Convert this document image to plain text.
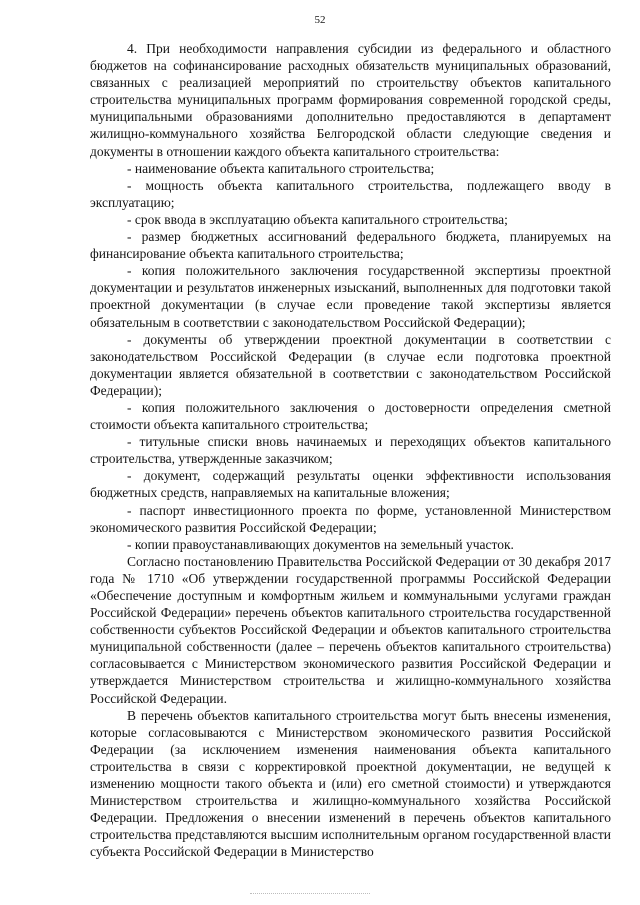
52

4. При необходимости направления субсидии из федерального и областного бюджетов на софинансирование расходных обязательств муниципальных образований, связанных с реализацией мероприятий по строительству объектов капитального строительства муниципальных программ формирования современной городской среды, муниципальными образованиями дополнительно предоставляются в департамент жилищно-коммунального хозяйства Белгородской области следующие сведения и документы в отношении каждого объекта капитального строительства:

- наименование объекта капитального строительства;

- мощность объекта капитального строительства, подлежащего вводу в эксплуатацию;

- срок ввода в эксплуатацию объекта капитального строительства;

- размер бюджетных ассигнований федерального бюджета, планируемых на финансирование объекта капитального строительства;

- копия положительного заключения государственной экспертизы проектной документации и результатов инженерных изысканий, выполненных для подготовки такой проектной документации (в случае если проведение такой экспертизы является обязательным в соответствии с законодательством Российской Федерации);

- документы об утверждении проектной документации в соответствии с законодательством Российской Федерации (в случае если подготовка проектной документации является обязательной в соответствии с законодательством Российской Федерации);

- копия положительного заключения о достоверности определения сметной стоимости объекта капитального строительства;

- титульные списки вновь начинаемых и переходящих объектов капитального строительства, утвержденные заказчиком;

- документ, содержащий результаты оценки эффективности использования бюджетных средств, направляемых на капитальные вложения;

- паспорт инвестиционного проекта по форме, установленной Министерством экономического развития Российской Федерации;

- копии правоустанавливающих документов на земельный участок.

Согласно постановлению Правительства Российской Федерации от 30 декабря 2017 года № 1710 «Об утверждении государственной программы Российской Федерации «Обеспечение доступным и комфортным жильем и коммунальными услугами граждан Российской Федерации» перечень объектов капитального строительства государственной собственности субъектов Российской Федерации и объектов капитального строительства муниципальной собственности (далее – перечень объектов капитального строительства) согласовывается с Министерством экономического развития Российской Федерации и утверждается Министерством строительства и жилищно-коммунального хозяйства Российской Федерации.

В перечень объектов капитального строительства могут быть внесены изменения, которые согласовываются с Министерством экономического развития Российской Федерации (за исключением изменения наименования объекта капитального строительства в связи с корректировкой проектной документации, не ведущей к изменению мощности такого объекта и (или) его сметной стоимости) и утверждаются Министерством строительства и жилищно-коммунального хозяйства Российской Федерации. Предложения о внесении изменений в перечень объектов капитального строительства представляются высшим исполнительным органом государственной власти субъекта Российской Федерации в Министерство
